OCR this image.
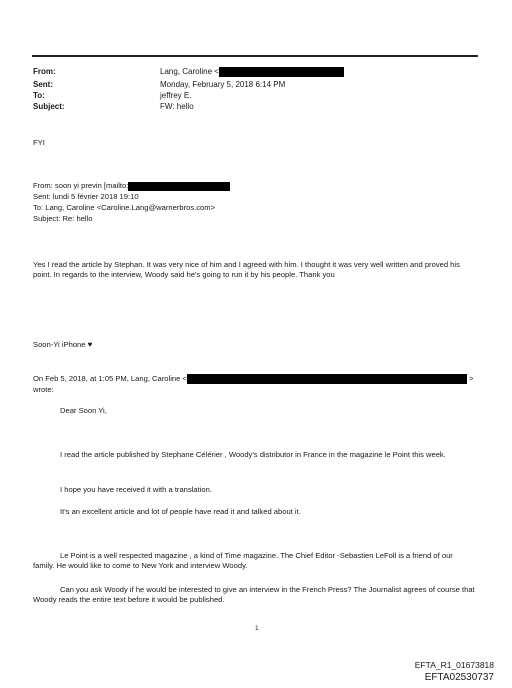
From:	Lang, Caroline <
Sent:	Monday, February 5, 2018 6:14 PM
To:	jeffrey E.
Subject:	FW: hello
FYI
From: soon yi previn [mailto:
Sent: lundi 5 février 2018 19:10
To: Lang, Caroline <Caroline.Lang@warnerbros.com>
Subject: Re: hello
Yes I read the article by Stephan. It was very nice of him and I agreed with him. I thought it was very well written and proved his point. In regards to the interview, Woody said he's going to run it by his people. Thank you
Soon-Yi iPhone ♥
On Feb 5, 2018, at 1:05 PM, Lang, Caroline <	>
wrote:
Dear Soon Yi,
I read the article published by Stephane Célérier , Woody's distributor in France in the magazine le Point this week.
I hope you have received it with a translation.
It's an excellent article and lot of people have read it and talked about it.
Le Point is a well respected magazine , a kind of Time magazine. The Chief Editor -Sebastien LeFoll is a friend of our family. He would like to come to New York and interview Woody.
Can you ask Woody if he would be interested to give an interview in the French Press? The Journalist agrees of course that Woody reads the entire text before it would be published.
1
EFTA_R1_01673818
EFTA02530737
